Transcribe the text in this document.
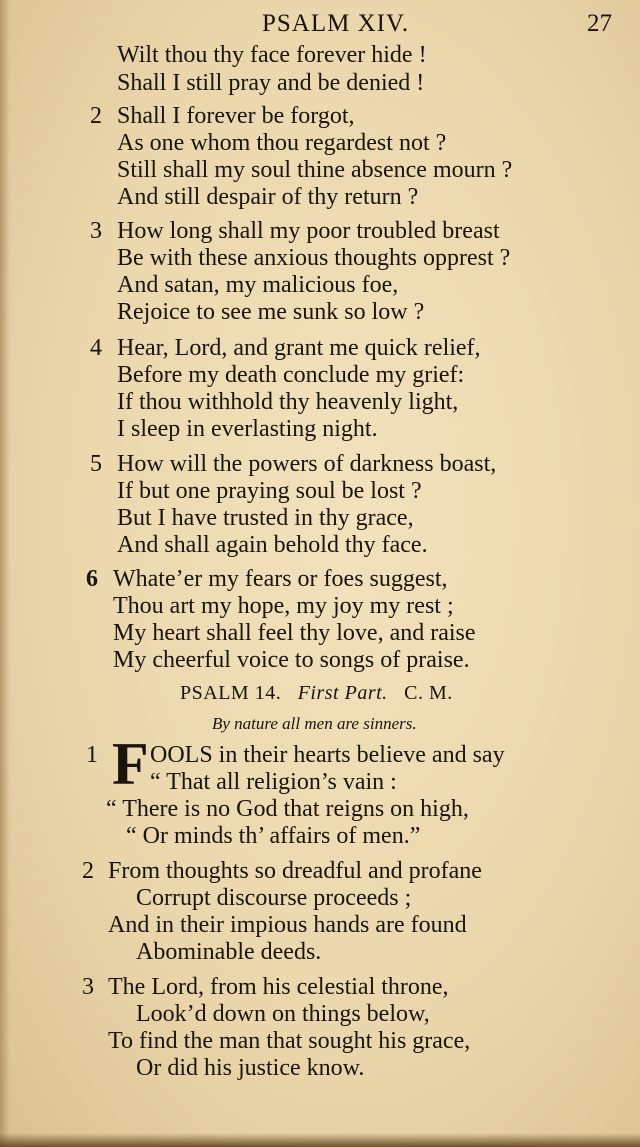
PSALM XIV.	27
Wilt thou thy face forever hide !
Shall I still pray and be denied !
2 Shall I forever be forgot,
As one whom thou regardest not ?
Still shall my soul thine absence mourn ?
And still despair of thy return ?
3 How long shall my poor troubled breast
Be with these anxious thoughts opprest ?
And satan, my malicious foe,
Rejoice to see me sunk so low ?
4 Hear, Lord, and grant me quick relief,
Before my death conclude my grief:
If thou withhold thy heavenly light,
I sleep in everlasting night.
5 How will the powers of darkness boast,
If but one praying soul be lost ?
But I have trusted in thy grace,
And shall again behold thy face.
6 Whate’er my fears or foes suggest,
Thou art my hope, my joy my rest ;
My heart shall feel thy love, and raise
My cheerful voice to songs of praise.
PSALM 14. First Part. C. M.
By nature all men are sinners.
1 F OOLS in their hearts believe and say
“ That all religion’s vain :
“ There is no God that reigns on high,
“ Or minds th’ affairs of men.”
2 From thoughts so dreadful and profane
Corrupt discourse proceeds ;
And in their impious hands are found
Abominable deeds.
3 The Lord, from his celestial throne,
Look’d down on things below,
To find the man that sought his grace,
Or did his justice know.
